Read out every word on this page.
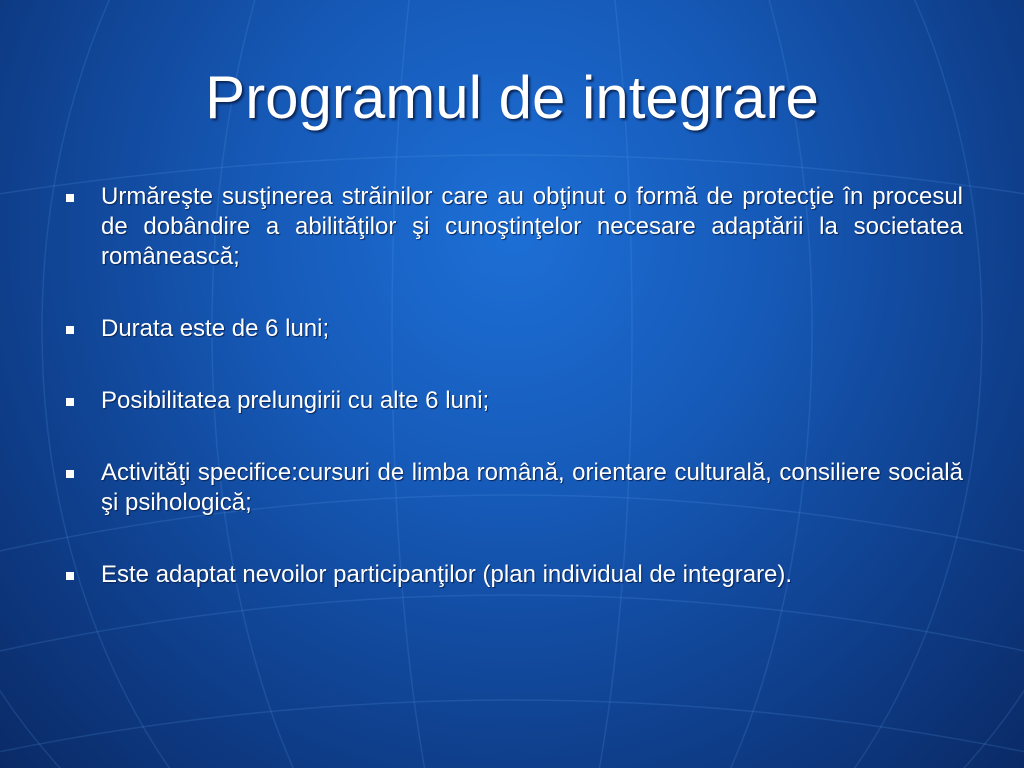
Programul de integrare
Urmăreşte susţinerea străinilor care au obţinut o formă de protecţie în procesul de dobândire a abilităţilor şi cunoştinţelor necesare adaptării la societatea românească;
Durata este de 6 luni;
Posibilitatea prelungirii cu alte 6 luni;
Activităţi specifice:cursuri de limba română, orientare culturală, consiliere socială şi psihologică;
Este adaptat nevoilor participanţilor (plan individual de integrare).
